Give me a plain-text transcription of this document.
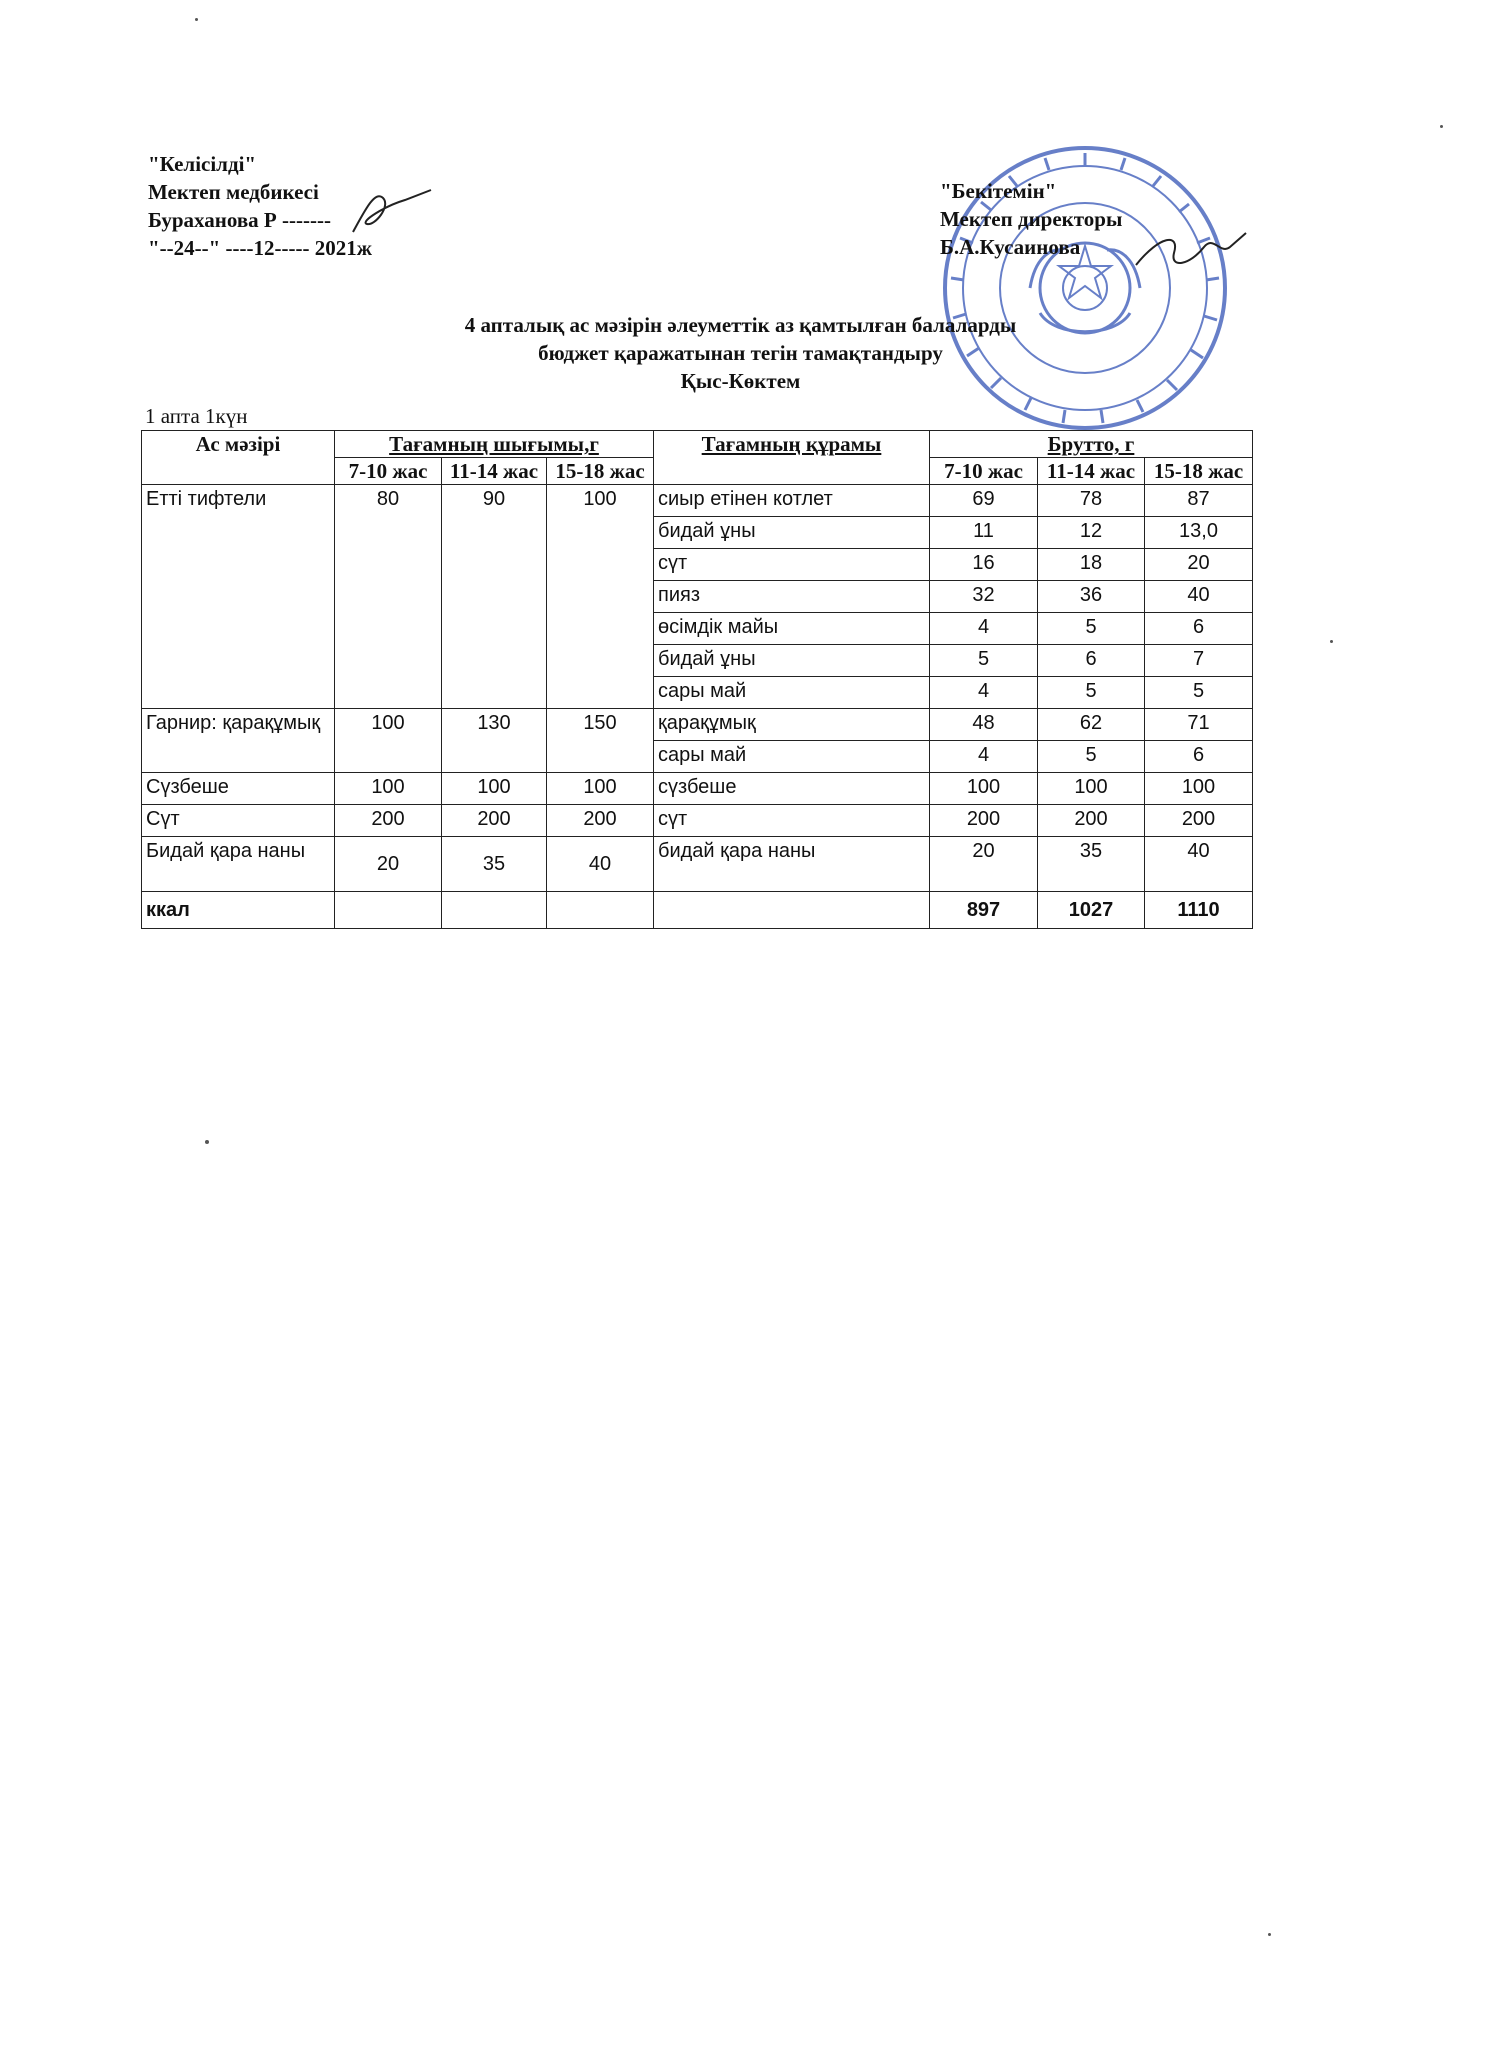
"Келісілді"
Мектеп медбикесі
Бураханова Р -------
"--24--" ----12----- 2021ж
"Бекітемін"
Мектеп директоры
Б.А.Кусаинова
4 апталық ас мәзірін әлеуметтік аз қамтылған балаларды
бюджет қаражатынан тегін тамақтандыру
Қыс-Көктем
1 апта 1күн
Ас мәзірі	Тағамның шығымы,г			Тағамның құрамы	Брутто, г		
	7-10 жас	11-14 жас	15-18 жас		7-10 жас	11-14 жас	15-18 жас
Етті тифтели	80	90	100	сиыр етінен котлет	69	78	87
				бидай ұны	11	12	13,0
				сүт	16	18	20
				пияз	32	36	40
				өсімдік майы	4	5	6
				бидай ұны	5	6	7
				сары май	4	5	5
Гарнир: қарақұмық	100	130	150	қарақұмық	48	62	71
				сары май	4	5	6
Сүзбеше	100	100	100	сүзбеше	100	100	100
Сүт	200	200	200	сүт	200	200	200
Бидай қара наны	20	35	40	бидай қара наны	20	35	40
ккал					897	1027	1110
